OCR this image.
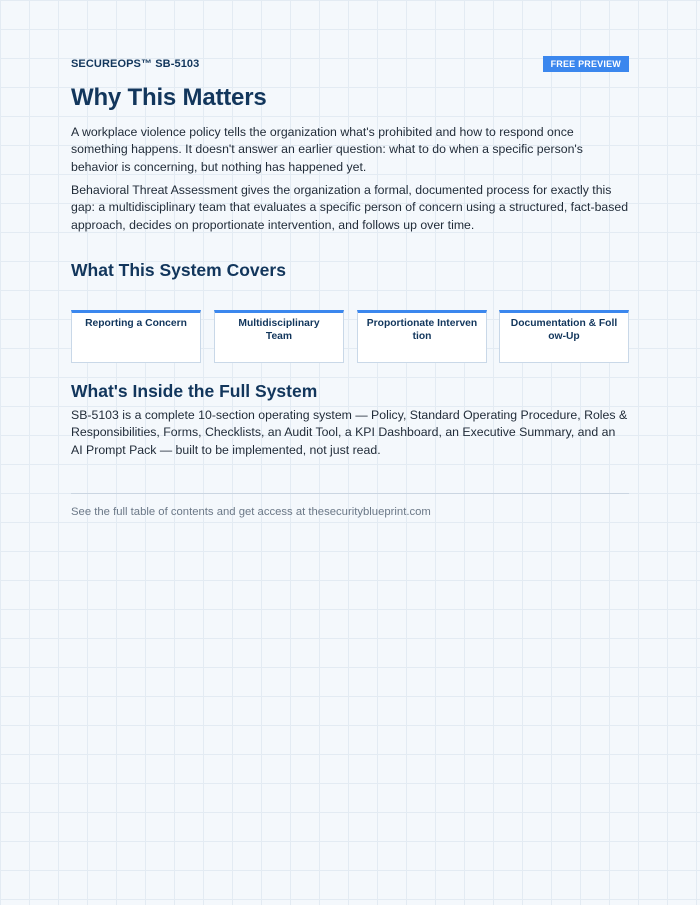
SECUREOPS™ SB-5103	FREE PREVIEW
Why This Matters

A workplace violence policy tells the organization what's prohibited and how to respond once something happens. It doesn't answer an earlier question: what to do when a specific person's behavior is concerning, but nothing has happened yet.

Behavioral Threat Assessment gives the organization a formal, documented process for exactly this gap: a multidisciplinary team that evaluates a specific person of concern using a structured, fact-based approach, decides on proportionate intervention, and follows up over time.

What This System Covers
Reporting a Concern	Multidisciplinary Team
Proportionate Intervention
Documentation & Follow-Up
What's Inside the Full System

SB-5103 is a complete 10-section operating system — Policy, Standard Operating Procedure, Roles & Responsibilities, Forms, Checklists, an Audit Tool, a KPI Dashboard, an Executive Summary, and an AI Prompt Pack — built to be implemented, not just read.

See the full table of contents and get access at thesecurityblueprint.com
